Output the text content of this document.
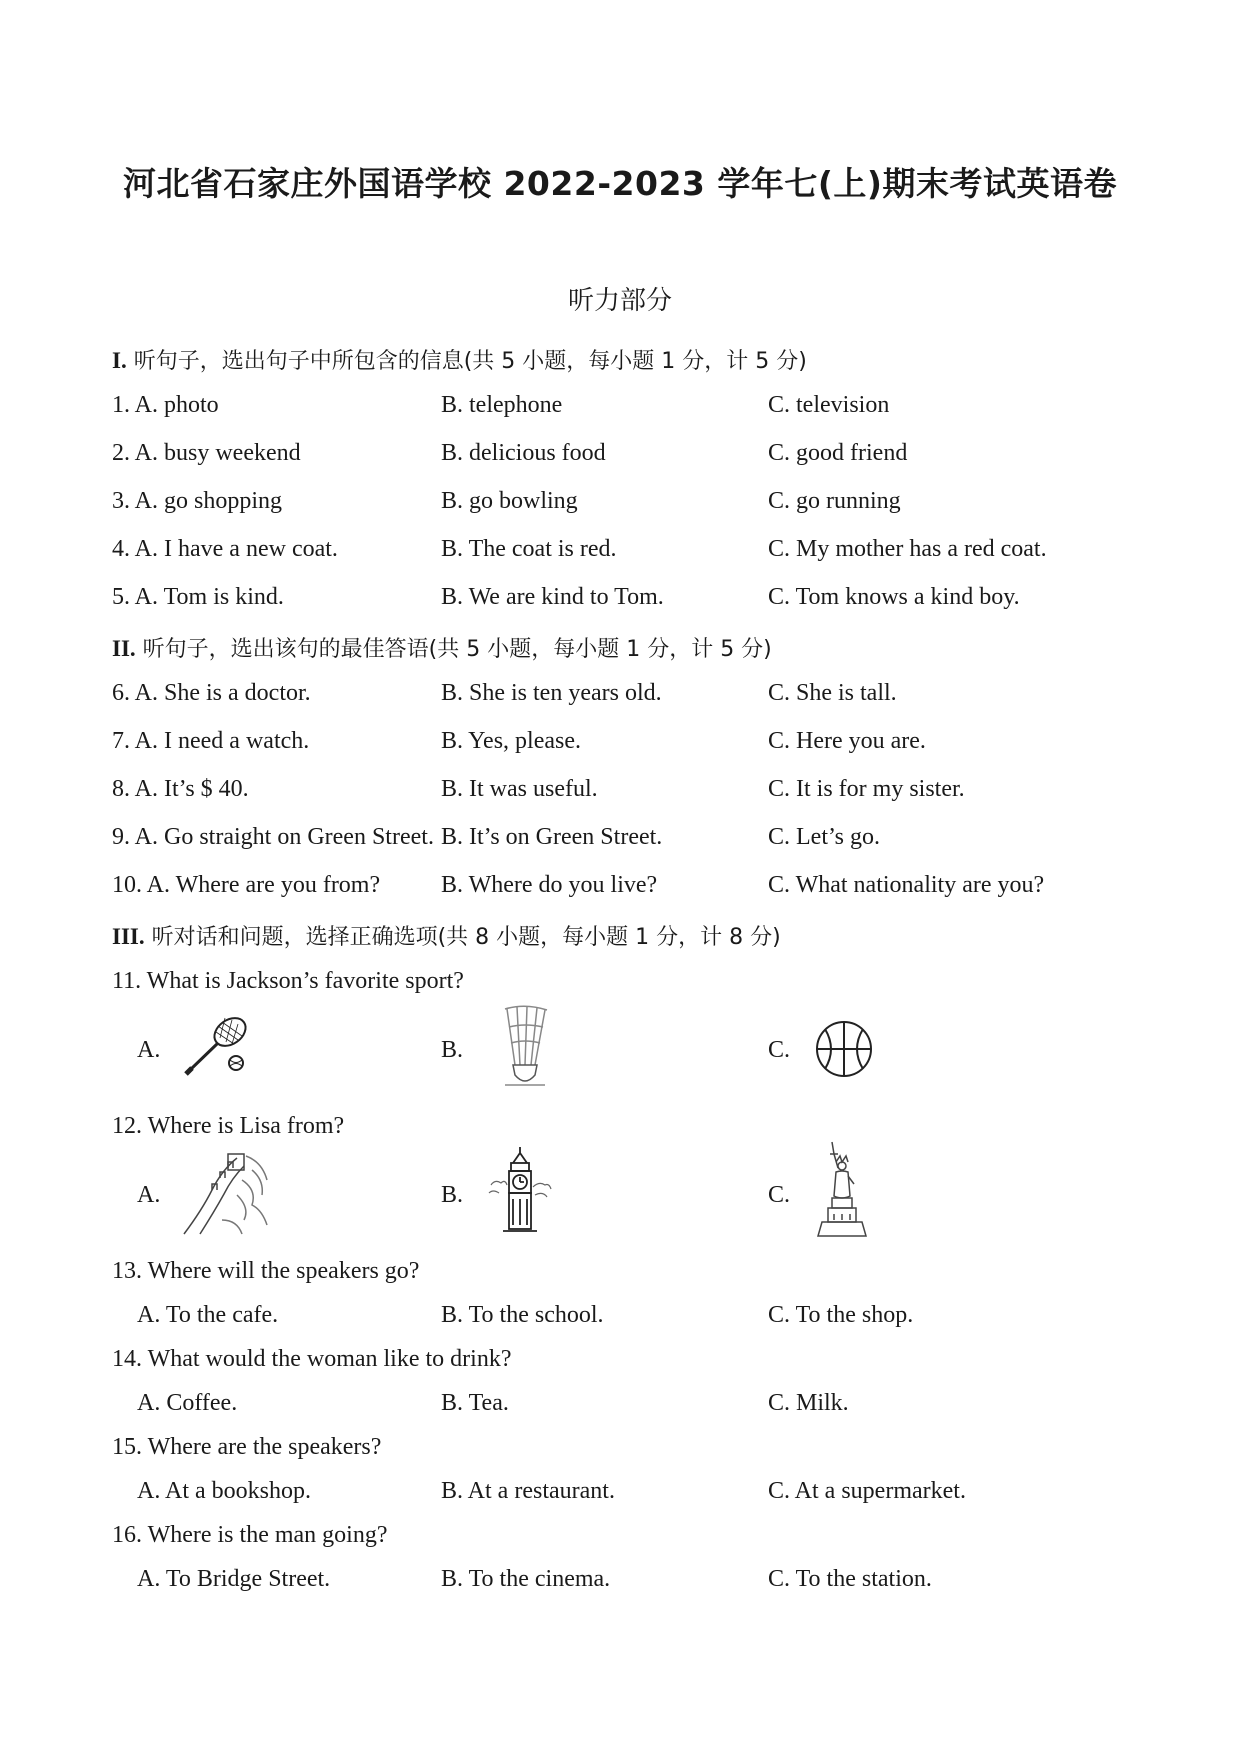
河北省石家庄外国语学校 2022-2023 学年七(上)期末考试英语卷
听力部分
I. 听句子，选出句子中所包含的信息(共 5 小题，每小题 1 分，计 5 分)
1. A. photo	B. telephone	C. television
2. A. busy weekend	B. delicious food	C. good friend
3. A. go shopping	B. go bowling	C. go running
4. A. I have a new coat.	B. The coat is red.	C. My mother has a red coat.
5. A. Tom is kind.	B. We are kind to Tom.	C. Tom knows a kind boy.
II. 听句子，选出该句的最佳答语(共 5 小题，每小题 1 分，计 5 分)
6. A. She is a doctor.	B. She is ten years old.	C. She is tall.
7. A. I need a watch.	B. Yes, please.	C. Here you are.
8. A. It’s $ 40.	B. It was useful.	C. It is for my sister.
9. A. Go straight on Green Street. B. It’s on Green Street.	C. Let’s go.
10. A. Where are you from?	B. Where do you live?	C. What nationality are you?
III. 听对话和问题，选择正确选项(共 8 小题，每小题 1 分，计 8 分)
11. What is Jackson’s favorite sport?
A.	B.	C.
12. Where is Lisa from?
A.	B.	C.
13. Where will the speakers go?
A. To the cafe.	B. To the school.	C. To the shop.
14. What would the woman like to drink?
A. Coffee.	B. Tea.	C. Milk.
15. Where are the speakers?
A. At a bookshop.	B. At a restaurant.	C. At a supermarket.
16. Where is the man going?
A. To Bridge Street.	B. To the cinema.	C. To the station.
